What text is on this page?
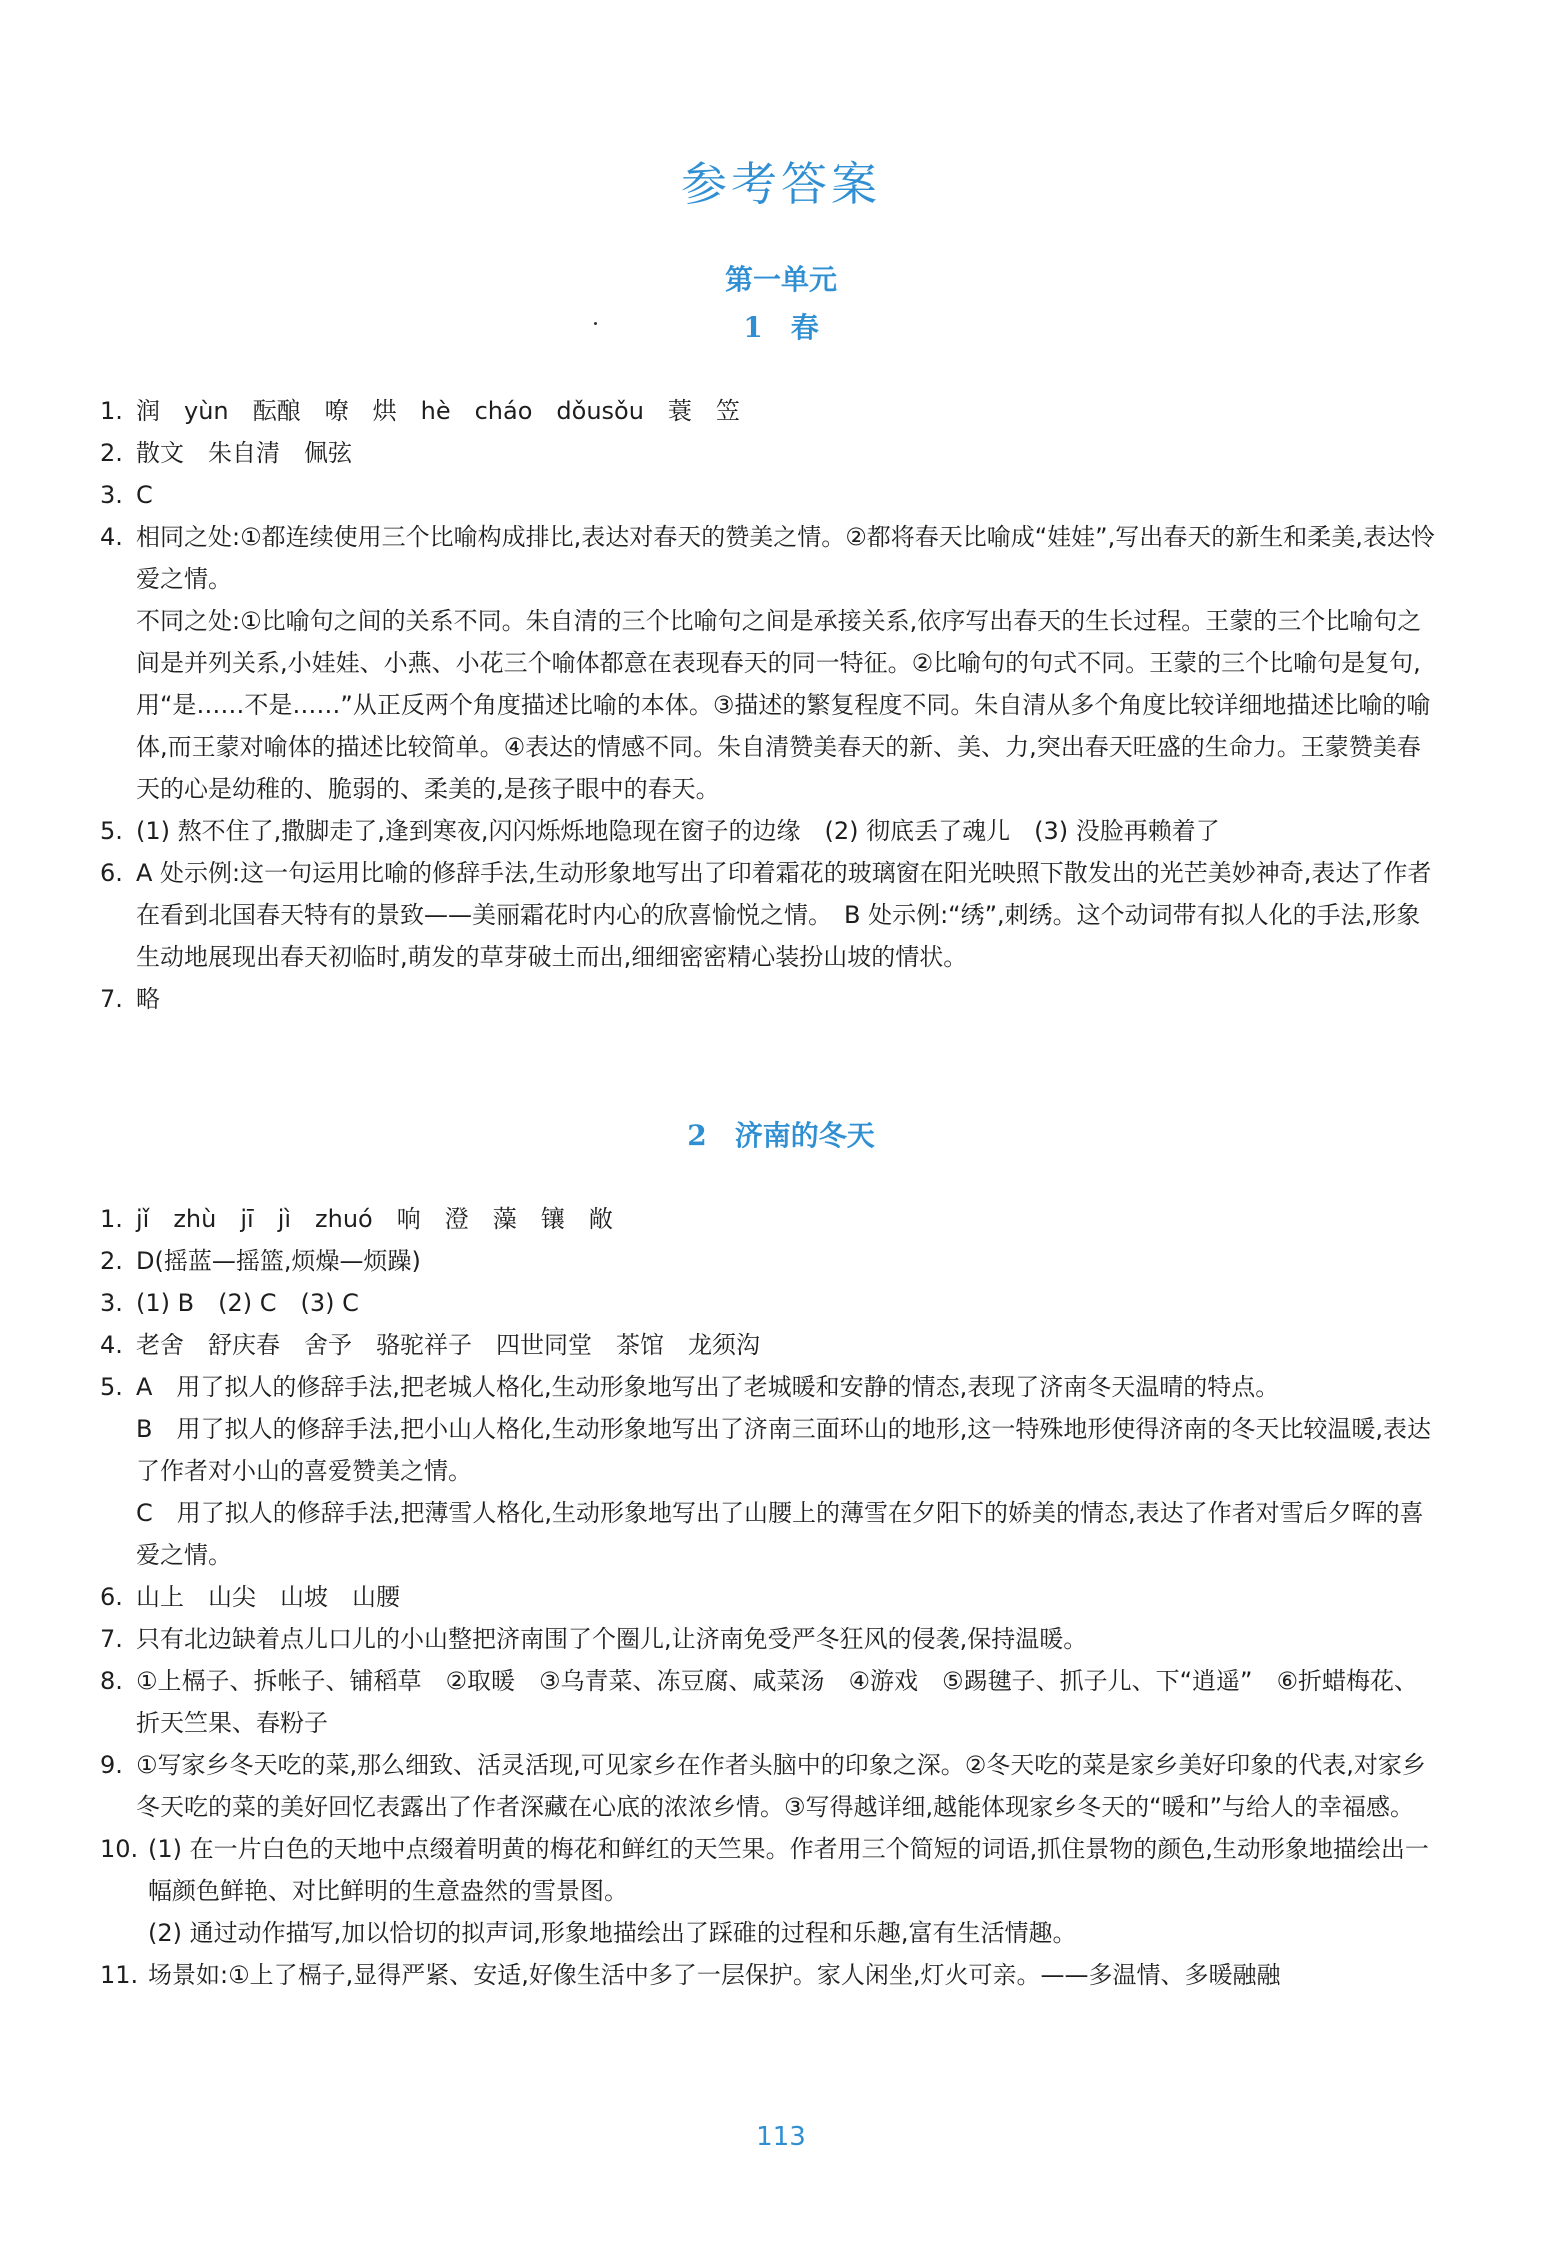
参考答案
第一单元
1 春
1. 润　yùn　酝酿　嘹　烘　hè　cháo　dǒusǒu　蓑　笠

2. 散文　朱自清　佩弦

3. C

4. 相同之处:①都连续使用三个比喻构成排比,表达对春天的赞美之情。②都将春天比喻成“娃娃”,写出春天的新生和柔美,表达怜爱之情。

不同之处:①比喻句之间的关系不同。朱自清的三个比喻句之间是承接关系,依序写出春天的生长过程。王蒙的三个比喻句之间是并列关系,小娃娃、小燕、小花三个喻体都意在表现春天的同一特征。②比喻句的句式不同。王蒙的三个比喻句是复句,用“是……不是……”从正反两个角度描述比喻的本体。③描述的繁复程度不同。朱自清从多个角度比较详细地描述比喻的喻体,而王蒙对喻体的描述比较简单。④表达的情感不同。朱自清赞美春天的新、美、力,突出春天旺盛的生命力。王蒙赞美春天的心是幼稚的、脆弱的、柔美的,是孩子眼中的春天。

5. (1) 熬不住了,撒脚走了,逢到寒夜,闪闪烁烁地隐现在窗子的边缘　(2) 彻底丢了魂儿　(3) 没脸再赖着了

6. A 处示例:这一句运用比喻的修辞手法,生动形象地写出了印着霜花的玻璃窗在阳光映照下散发出的光芒美妙神奇,表达了作者在看到北国春天特有的景致——美丽霜花时内心的欣喜愉悦之情。　B 处示例:“绣”,刺绣。这个动词带有拟人化的手法,形象生动地展现出春天初临时,萌发的草芽破土而出,细细密密精心装扮山坡的情状。

7. 略

2 济南的冬天
1. jǐ　zhù　jī　jì　zhuó　响　澄　藻　镶　敞

2. D(摇蓝—摇篮,烦燥—烦躁)

3. (1) B　(2) C　(3) C

4. 老舍　舒庆春　舍予　骆驼祥子　四世同堂　茶馆　龙须沟

5. A　用了拟人的修辞手法,把老城人格化,生动形象地写出了老城暖和安静的情态,表现了济南冬天温晴的特点。

B　用了拟人的修辞手法,把小山人格化,生动形象地写出了济南三面环山的地形,这一特殊地形使得济南的冬天比较温暖,表达了作者对小山的喜爱赞美之情。

C　用了拟人的修辞手法,把薄雪人格化,生动形象地写出了山腰上的薄雪在夕阳下的娇美的情态,表达了作者对雪后夕晖的喜爱之情。

6. 山上　山尖　山坡　山腰

7. 只有北边缺着点儿口儿的小山整把济南围了个圈儿,让济南免受严冬狂风的侵袭,保持温暖。

8. ①上槅子、拆帐子、铺稻草　②取暖　③乌青菜、冻豆腐、咸菜汤　④游戏　⑤踢毽子、抓子儿、下“逍遥”　⑥折蜡梅花、折天竺果、春粉子

9. ①写家乡冬天吃的菜,那么细致、活灵活现,可见家乡在作者头脑中的印象之深。②冬天吃的菜是家乡美好印象的代表,对家乡冬天吃的菜的美好回忆表露出了作者深藏在心底的浓浓乡情。③写得越详细,越能体现家乡冬天的“暖和”与给人的幸福感。

10. (1) 在一片白色的天地中点缀着明黄的梅花和鲜红的天竺果。作者用三个简短的词语,抓住景物的颜色,生动形象地描绘出一幅颜色鲜艳、对比鲜明的生意盎然的雪景图。

(2) 通过动作描写,加以恰切的拟声词,形象地描绘出了踩碓的过程和乐趣,富有生活情趣。

11. 场景如:①上了槅子,显得严紧、安适,好像生活中多了一层保护。家人闲坐,灯火可亲。——多温情、多暖融融

113
